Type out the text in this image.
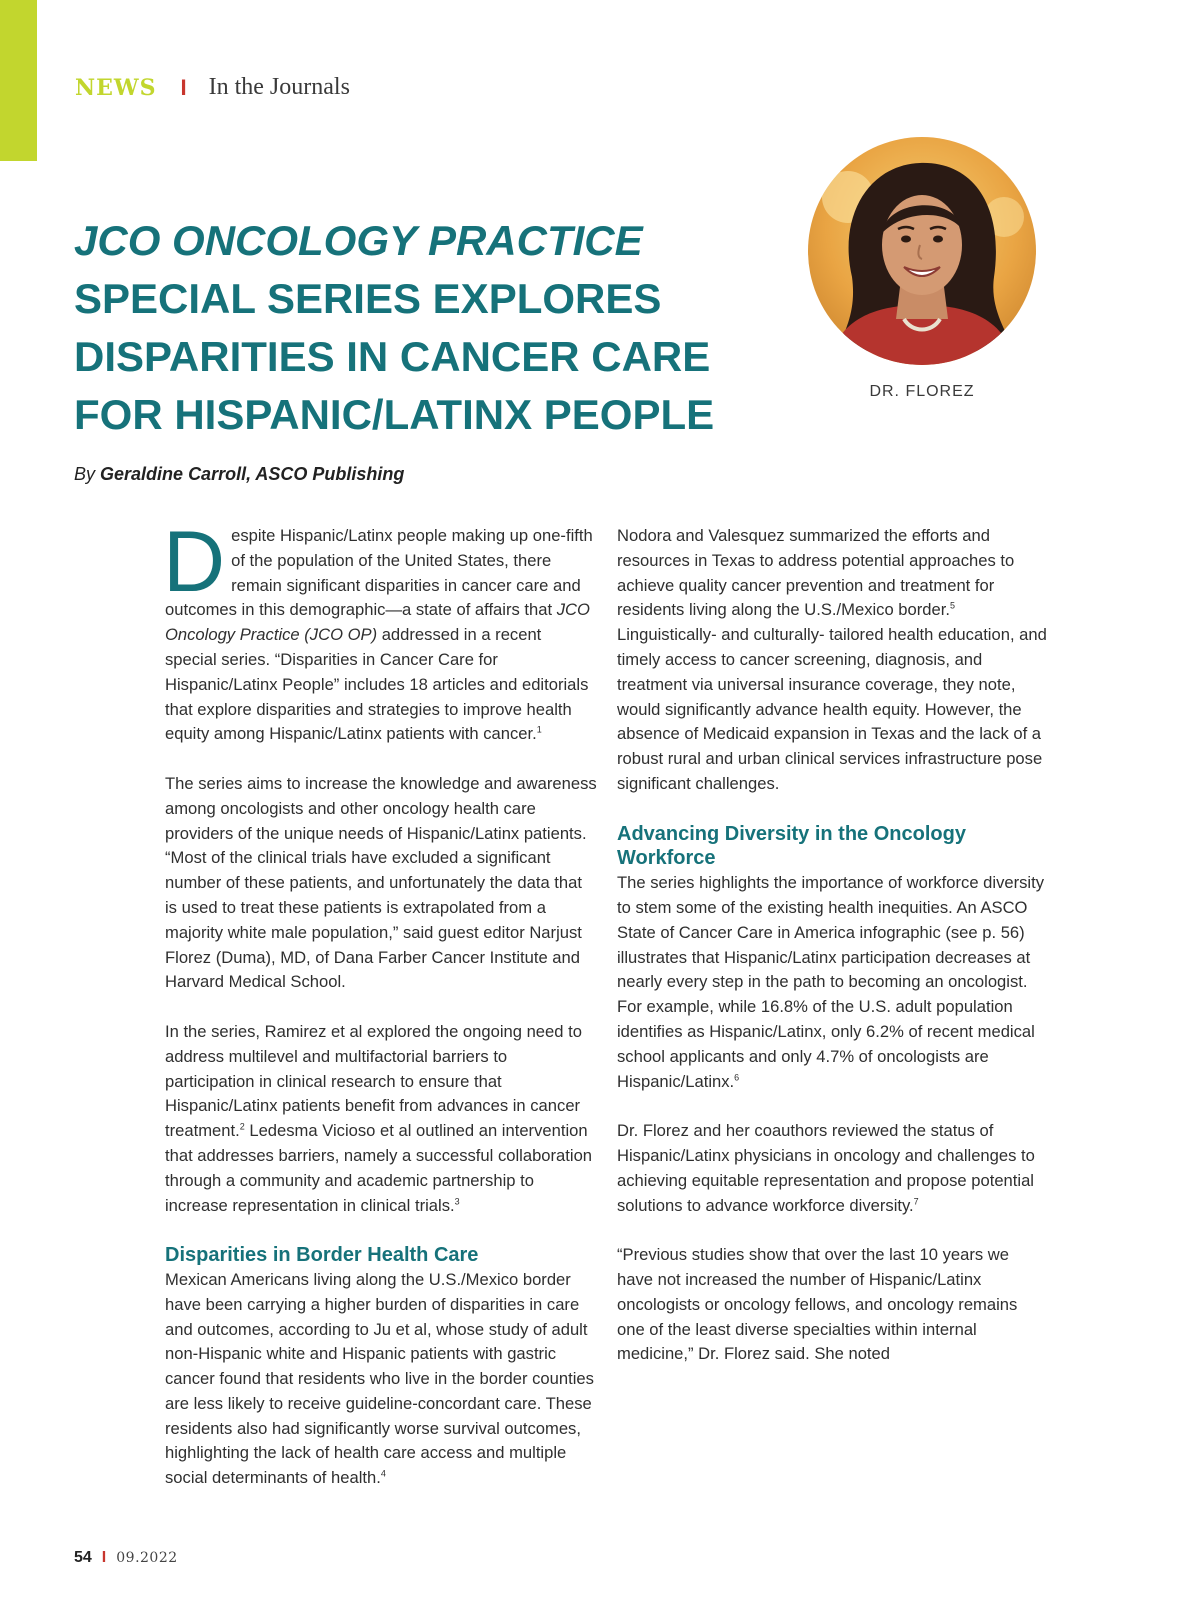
NEWS I In the Journals
JCO ONCOLOGY PRACTICE
SPECIAL SERIES EXPLORES
DISPARITIES IN CANCER CARE
FOR HISPANIC/LATINX PEOPLE	DR. FLOREZ
By Geraldine Carroll, ASCO Publishing

Despite Hispanic/Latinx people making up one-fifth of the population of the United States, there remain significant disparities in cancer care and outcomes in this demographic—a state of affairs that JCO Oncology Practice (JCO OP) addressed in a recent special series. “Disparities in Cancer Care for Hispanic/Latinx People” includes 18 articles and editorials that explore disparities and strategies to improve health equity among Hispanic/Latinx patients with cancer.$^1$

The series aims to increase the knowledge and awareness among oncologists and other oncology health care providers of the unique needs of Hispanic/Latinx patients. “Most of the clinical trials have excluded a significant number of these patients, and unfortunately the data that is used to treat these patients is extrapolated from a majority white male population,” said guest editor Narjust Florez (Duma), MD, of Dana Farber Cancer Institute and Harvard Medical School.

In the series, Ramirez et al explored the ongoing need to address multilevel and multifactorial barriers to participation in clinical research to ensure that Hispanic/Latinx patients benefit from advances in cancer treatment.$^2$ Ledesma Vicioso et al outlined an intervention that addresses barriers, namely a successful collaboration through a community and academic partnership to increase representation in clinical trials.$^3$

Disparities in Border Health Care

Mexican Americans living along the U.S./Mexico border have been carrying a higher burden of disparities in care and outcomes, according to Ju et al, whose study of adult non-Hispanic white and Hispanic patients with gastric cancer found that residents who live in the border counties are less likely to receive guideline-concordant care. These residents also had significantly worse survival outcomes, highlighting the lack of health care access and multiple social determinants of health.$^4$

Nodora and Valesquez summarized the efforts and resources in Texas to address potential approaches to achieve quality cancer prevention and treatment for residents living along the U.S./Mexico border.$^5$ Linguistically- and culturally- tailored health education, and timely access to cancer screening, diagnosis, and treatment via universal insurance coverage, they note, would significantly advance health equity. However, the absence of Medicaid expansion in Texas and the lack of a robust rural and urban clinical services infrastructure pose significant challenges.

Advancing Diversity in the Oncology Workforce

The series highlights the importance of workforce diversity to stem some of the existing health inequities. An ASCO State of Cancer Care in America infographic (see p. 56) illustrates that Hispanic/Latinx participation decreases at nearly every step in the path to becoming an oncologist. For example, while 16.8% of the U.S. adult population identifies as Hispanic/Latinx, only 6.2% of recent medical school applicants and only 4.7% of oncologists are Hispanic/Latinx.$^6$

Dr. Florez and her coauthors reviewed the status of Hispanic/Latinx physicians in oncology and challenges to achieving equitable representation and propose potential solutions to advance workforce diversity.$^7$

“Previous studies show that over the last 10 years we have not increased the number of Hispanic/Latinx oncologists or oncology fellows, and oncology remains one of the least diverse specialties within internal medicine,” Dr. Florez said. She noted

54 I 09.2022
